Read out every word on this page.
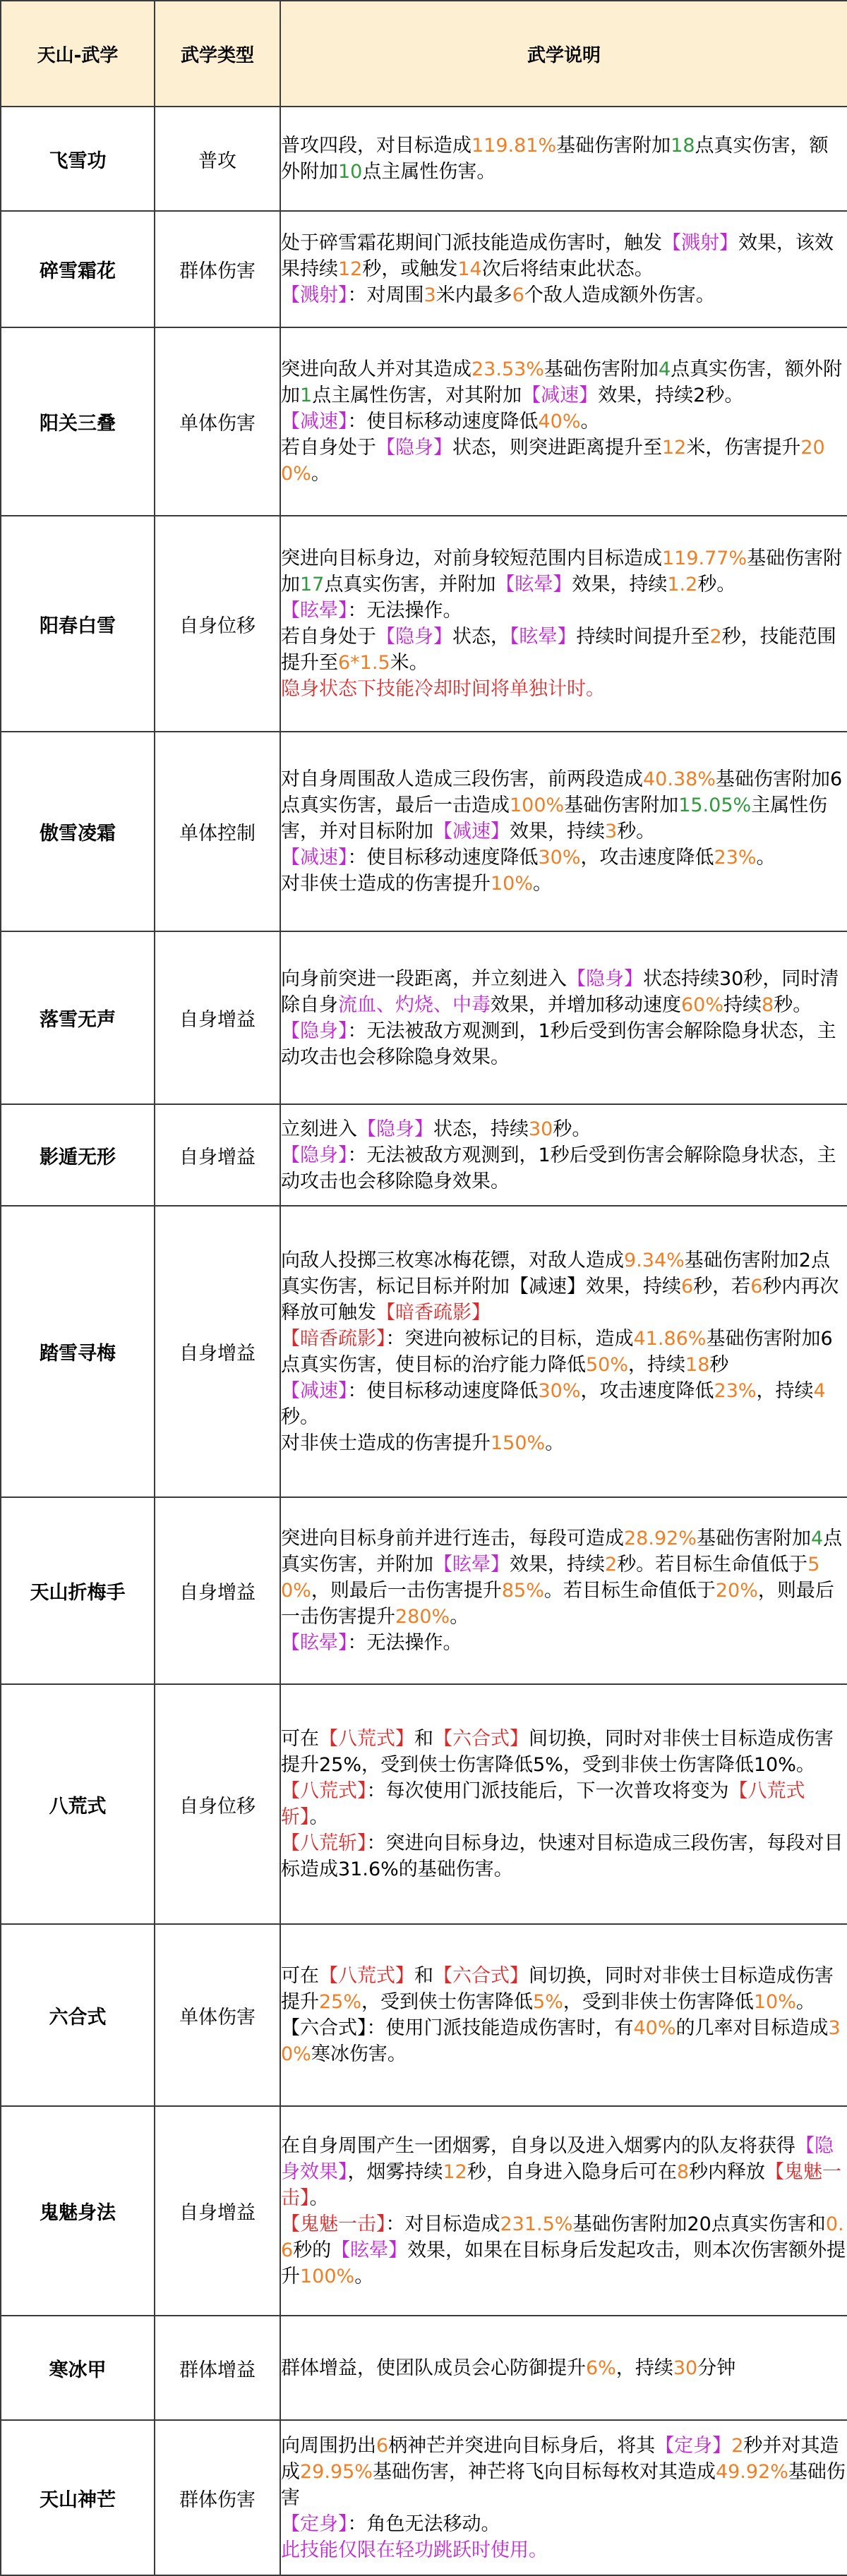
天山-武学	武学类型	武学说明
飞雪功	普攻	普攻四段，对目标造成119.81%基础伤害附加18点真实伤害，额外附加10点主属性伤害。

碎雪霜花	群体伤害	处于碎雪霜花期间门派技能造成伤害时，触发【溅射】效果，该效果持续12秒，或触发14次后将结束此状态。
【溅射】：对周围3米内最多6个敌人造成额外伤害。

阳关三叠	单体伤害	突进向敌人并对其造成23.53%基础伤害附加4点真实伤害，额外附加1点主属性伤害，对其附加【减速】效果，持续2秒。
【减速】：使目标移动速度降低40%。
若自身处于【隐身】状态，则突进距离提升至12米，伤害提升200%。

阳春白雪	自身位移	突进向目标身边，对前身较短范围内目标造成119.77%基础伤害附加17点真实伤害，并附加【眩晕】效果，持续1.2秒。
【眩晕】：无法操作。
若自身处于【隐身】状态，【眩晕】持续时间提升至2秒，技能范围提升至6*1.5米。
隐身状态下技能冷却时间将单独计时。

傲雪凌霜	单体控制	对自身周围敌人造成三段伤害，前两段造成40.38%基础伤害附加6点真实伤害，最后一击造成100%基础伤害附加15.05%主属性伤害，并对目标附加【减速】效果，持续3秒。
【减速】：使目标移动速度降低30%，攻击速度降低23%。
对非侠士造成的伤害提升10%。

落雪无声	自身增益	向身前突进一段距离，并立刻进入【隐身】状态持续30秒，同时清除自身流血、灼烧、中毒效果，并增加移动速度60%持续8秒。
【隐身】：无法被敌方观测到，1秒后受到伤害会解除隐身状态，主动攻击也会移除隐身效果。

影遁无形	自身增益	立刻进入【隐身】状态，持续30秒。
【隐身】：无法被敌方观测到，1秒后受到伤害会解除隐身状态，主动攻击也会移除隐身效果。

踏雪寻梅	自身增益	向敌人投掷三枚寒冰梅花镖，对敌人造成9.34%基础伤害附加2点真实伤害，标记目标并附加【减速】效果，持续6秒，若6秒内再次释放可触发【暗香疏影】
【暗香疏影】：突进向被标记的目标，造成41.86%基础伤害附加6点真实伤害，使目标的治疗能力降低50%，持续18秒
【减速】：使目标移动速度降低30%，攻击速度降低23%，持续4秒。
对非侠士造成的伤害提升150%。

天山折梅手	自身增益	突进向目标身前并进行连击，每段可造成28.92%基础伤害附加4点真实伤害，并附加【眩晕】效果，持续2秒。若目标生命值低于50%，则最后一击伤害提升85%。若目标生命值低于20%，则最后一击伤害提升280%。
【眩晕】：无法操作。

八荒式	自身位移	可在【八荒式】和【六合式】间切换，同时对非侠士目标造成伤害提升25%，受到侠士伤害降低5%，受到非侠士伤害降低10%。
【八荒式】：每次使用门派技能后，下一次普攻将变为【八荒式斩】。
【八荒斩】：突进向目标身边，快速对目标造成三段伤害，每段对目标造成31.6%的基础伤害。

六合式	单体伤害	可在【八荒式】和【六合式】间切换，同时对非侠士目标造成伤害提升25%，受到侠士伤害降低5%，受到非侠士伤害降低10%。
【六合式】：使用门派技能造成伤害时，有40%的几率对目标造成30%寒冰伤害。

鬼魅身法	自身增益	在自身周围产生一团烟雾，自身以及进入烟雾内的队友将获得【隐身效果】，烟雾持续12秒，自身进入隐身后可在8秒内释放【鬼魅一击】。
【鬼魅一击】：对目标造成231.5%基础伤害附加20点真实伤害和0.6秒的【眩晕】效果，如果在目标身后发起攻击，则本次伤害额外提升100%。

寒冰甲	群体增益	群体增益，使团队成员会心防御提升6%，持续30分钟

天山神芒	群体伤害	向周围扔出6柄神芒并突进向目标身后，将其【定身】2秒并对其造成29.95%基础伤害，神芒将飞向目标每枚对其造成49.92%基础伤害
【定身】：角色无法移动。
此技能仅限在轻功跳跃时使用。
